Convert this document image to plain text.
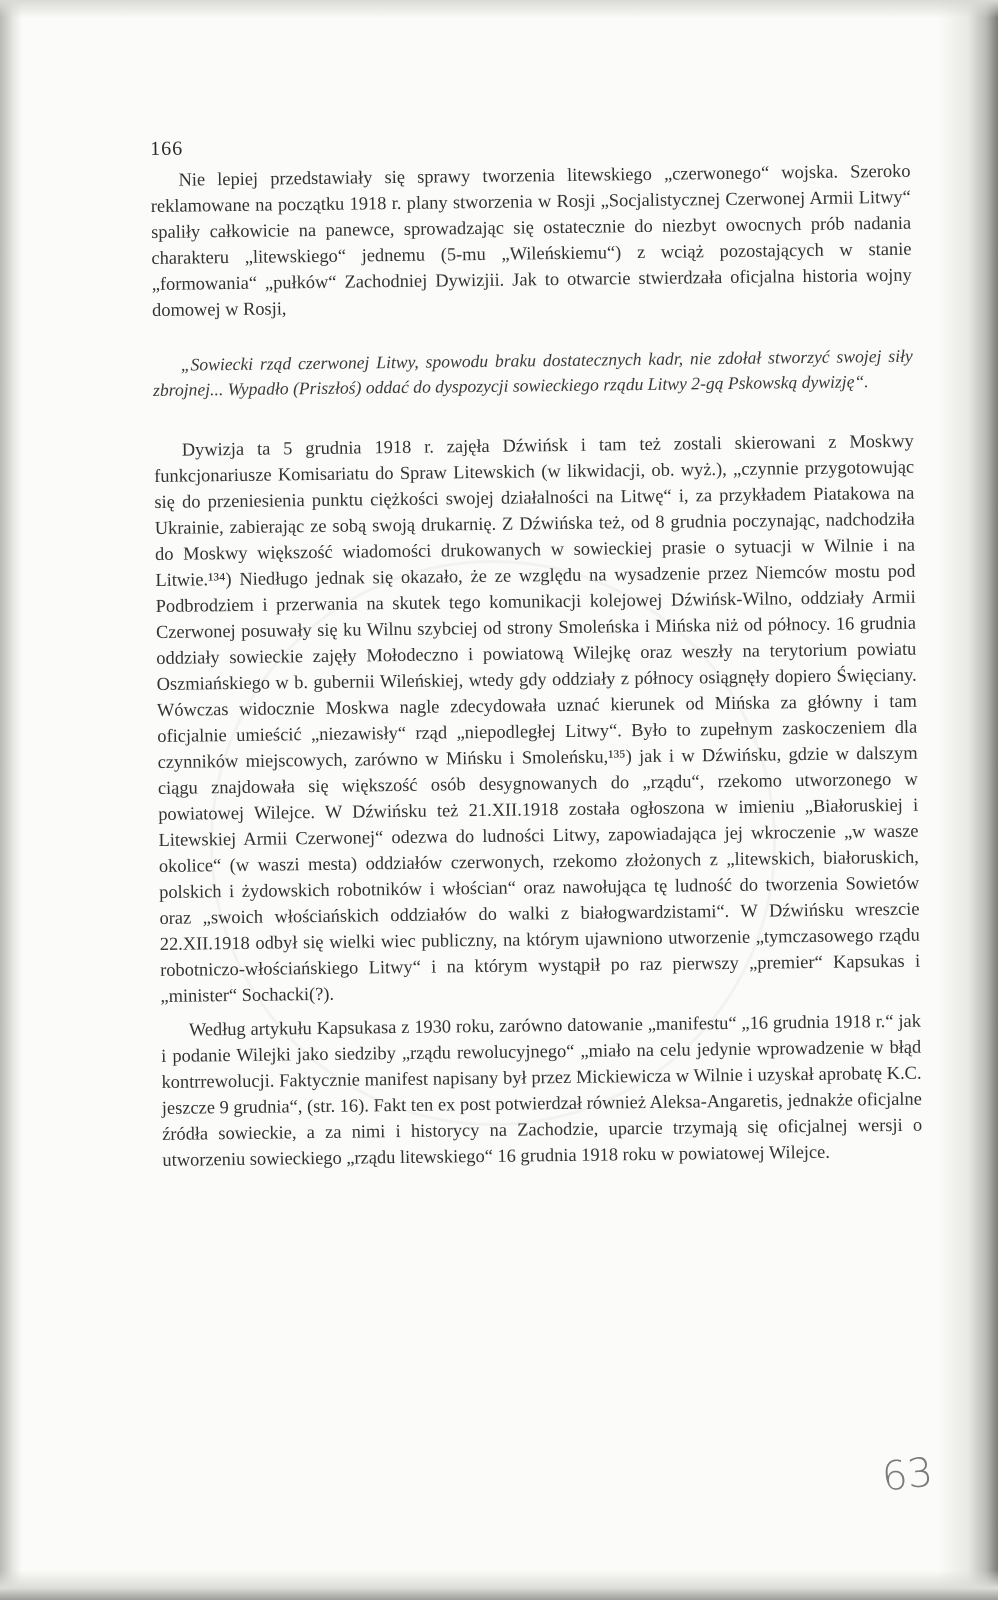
166

Nie lepiej przedstawiały się sprawy tworzenia litewskiego „czerwonego“ wojska. Szeroko reklamowane na początku 1918 r. plany stworzenia w Rosji „Socjalistycznej Czerwonej Armii Litwy“ spaliły całkowicie na panewce, sprowadzając się ostatecznie do niezbyt owocnych prób nadania charakteru „litewskiego“ jednemu (5-mu „Wileńskiemu“) z wciąż pozostających w stanie „formowania“ „pułków“ Zachodniej Dywizjii. Jak to otwarcie stwierdzała oficjalna historia wojny domowej w Rosji,

„Sowiecki rząd czerwonej Litwy, spowodu braku dostatecznych kadr, nie zdołał stworzyć swojej siły zbrojnej... Wypadło (Priszłoś) oddać do dyspozycji sowieckiego rządu Litwy 2-gą Pskowską dywizję“.

Dywizja ta 5 grudnia 1918 r. zajęła Dźwińsk i tam też zostali skierowani z Moskwy funkcjonariusze Komisariatu do Spraw Litewskich (w likwidacji, ob. wyż.), „czynnie przygotowując się do przeniesienia punktu ciężkości swojej działalności na Litwę“ i, za przykładem Piatakowa na Ukrainie, zabierając ze sobą swoją drukarnię. Z Dźwińska też, od 8 grudnia poczynając, nadchodziła do Moskwy większość wiadomości drukowanych w sowieckiej prasie o sytuacji w Wilnie i na Litwie.¹³⁴) Niedługo jednak się okazało, że ze względu na wysadzenie przez Niemców mostu pod Podbrodziem i przerwania na skutek tego komunikacji kolejowej Dźwińsk-Wilno, oddziały Armii Czerwonej posuwały się ku Wilnu szybciej od strony Smoleńska i Mińska niż od północy. 16 grudnia oddziały sowieckie zajęły Mołodeczno i powiatową Wilejkę oraz weszły na terytorium powiatu Oszmiańskiego w b. gubernii Wileńskiej, wtedy gdy oddziały z północy osiągnęły dopiero Święciany. Wówczas widocznie Moskwa nagle zdecydowała uznać kierunek od Mińska za główny i tam oficjalnie umieścić „niezawisły“ rząd „niepodległej Litwy“. Było to zupełnym zaskoczeniem dla czynników miejscowych, zarówno w Mińsku i Smoleńsku,¹³⁵) jak i w Dźwińsku, gdzie w dalszym ciągu znajdowała się większość osób desygnowanych do „rządu“, rzekomo utworzonego w powiatowej Wilejce. W Dźwińsku też 21.XII.1918 została ogłoszona w imieniu „Białoruskiej i Litewskiej Armii Czerwonej“ odezwa do ludności Litwy, zapowiadająca jej wkroczenie „w wasze okolice“ (w waszi mesta) oddziałów czerwonych, rzekomo złożonych z „litewskich, białoruskich, polskich i żydowskich robotników i włościan“ oraz nawołująca tę ludność do tworzenia Sowietów oraz „swoich włościańskich oddziałów do walki z białogwardzistami“. W Dźwińsku wreszcie 22.XII.1918 odbył się wielki wiec publiczny, na którym ujawniono utworzenie „tymczasowego rządu robotniczo-włościańskiego Litwy“ i na którym wystąpił po raz pierwszy „premier“ Kapsukas i „minister“ Sochacki(?).

Według artykułu Kapsukasa z 1930 roku, zarówno datowanie „manifestu“ „16 grudnia 1918 r.“ jak i podanie Wilejki jako siedziby „rządu rewolucyjnego“ „miało na celu jedynie wprowadzenie w błąd kontrrewolucji. Faktycznie manifest napisany był przez Mickiewicza w Wilnie i uzyskał aprobatę K.C. jeszcze 9 grudnia“, (str. 16). Fakt ten ex post potwierdzał również Aleksa-Angaretis, jednakże oficjalne źródła sowieckie, a za nimi i historycy na Zachodzie, uparcie trzymają się oficjalnej wersji o utworzeniu sowieckiego „rządu litewskiego“ 16 grudnia 1918 roku w powiatowej Wilejce.

63
